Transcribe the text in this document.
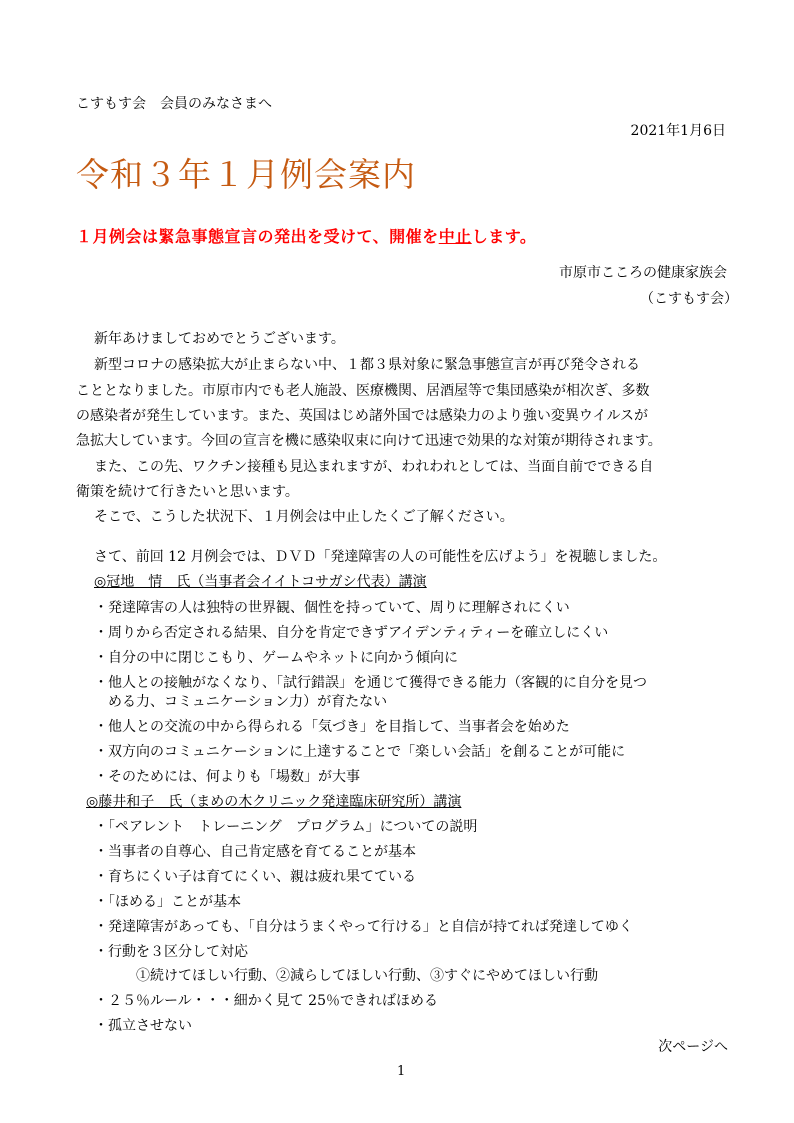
こすもす会　会員のみなさまへ
2021年1月6日
令和３年１月例会案内
１月例会は緊急事態宣言の発出を受けて、開催を中止します。
市原市こころの健康家族会
（こすもす会）
新年あけましておめでとうございます。
新型コロナの感染拡大が止まらない中、１都３県対象に緊急事態宣言が再び発令される
こととなりました。市原市内でも老人施設、医療機関、居酒屋等で集団感染が相次ぎ、多数
の感染者が発生しています。また、英国はじめ諸外国では感染力のより強い変異ウイルスが
急拡大しています。今回の宣言を機に感染収束に向けて迅速で効果的な対策が期待されます。
また、この先、ワクチン接種も見込まれますが、われわれとしては、当面自前でできる自
衛策を続けて行きたいと思います。
そこで、こうした状況下、１月例会は中止したくご了解ください。
さて、前回 12 月例会では、ＤＶＤ「発達障害の人の可能性を広げよう」を視聴しました。
◎冠地　情　氏（当事者会イイトコサガシ代表）講演
・発達障害の人は独特の世界観、個性を持っていて、周りに理解されにくい
・周りから否定される結果、自分を肯定できずアイデンティティーを確立しにくい
・自分の中に閉じこもり、ゲームやネットに向かう傾向に
・他人との接触がなくなり、「試行錯誤」を通じて獲得できる能力（客観的に自分を見つ
　める力、コミュニケーション力）が育たない
・他人との交流の中から得られる「気づき」を目指して、当事者会を始めた
・双方向のコミュニケーションに上達することで「楽しい会話」を創ることが可能に
・そのためには、何よりも「場数」が大事
◎藤井和子　氏（まめの木クリニック発達臨床研究所）講演
・「ペアレント　トレーニング　プログラム」についての説明
・当事者の自尊心、自己肯定感を育てることが基本
・育ちにくい子は育てにくい、親は疲れ果てている
・「ほめる」ことが基本
・発達障害があっても、「自分はうまくやって行ける」と自信が持てれば発達してゆく
・行動を３区分して対応
　　　①続けてほしい行動、②減らしてほしい行動、③すぐにやめてほしい行動
・２５％ルール・・・細かく見て 25％できればほめる
・孤立させない
次ページへ
1
